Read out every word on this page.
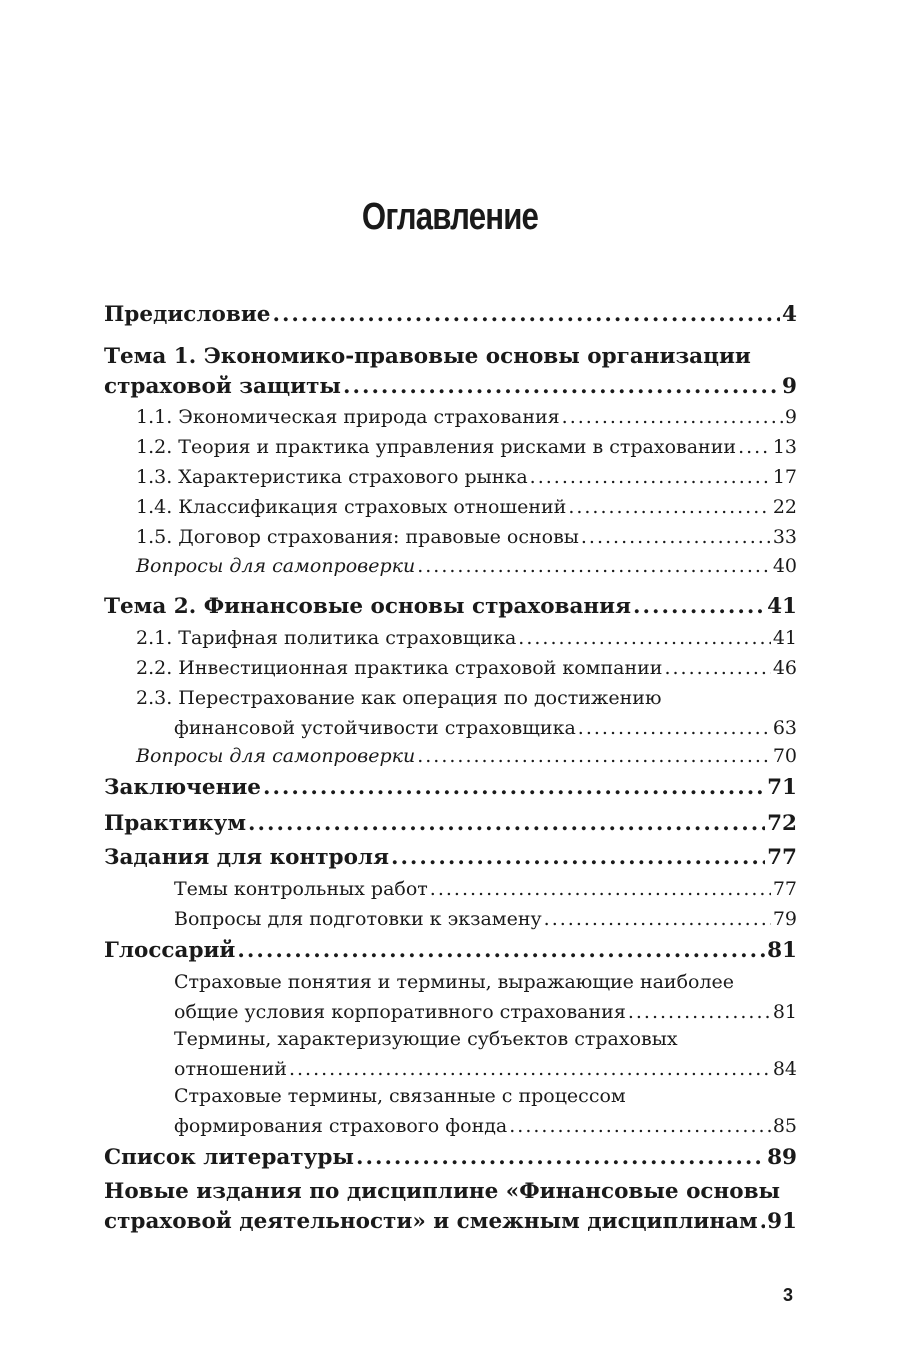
Оглавление
Предисловие .....	4
Тема 1. Экономико-правовые основы организации
страховой защиты .....	9
1.1. Экономическая природа страхования .....	9
1.2. Теория и практика управления рисками в страховании ..... 13
1.3. Характеристика страхового рынка .....	17
1.4. Классификация страховых отношений .....	22
1.5. Договор страхования: правовые основы .....	33
Вопросы для самопроверки .....	40
Тема 2. Финансовые основы страхования .....	41
2.1. Тарифная политика страховщика .....	41
2.2. Инвестиционная практика страховой компании .....	46
2.3. Перестрахование как операция по достижению
финансовой устойчивости страховщика .....	63
Вопросы для самопроверки .....	70
Заключение .....	71
Практикум .....	72
Задания для контроля .....	77
Темы контрольных работ .....	77
Вопросы для подготовки к экзамену .....	79
Глоссарий .....	81
Страховые понятия и термины, выражающие наиболее
общие условия корпоративного страхования .....	81
Термины, характеризующие субъектов страховых
отношений .....	84
Страховые термины, связанные с процессом
формирования страхового фонда .....	85
Список литературы .....	89
Новые издания по дисциплине «Финансовые основы
страховой деятельности» и смежным дисциплинам ..... 91
3
